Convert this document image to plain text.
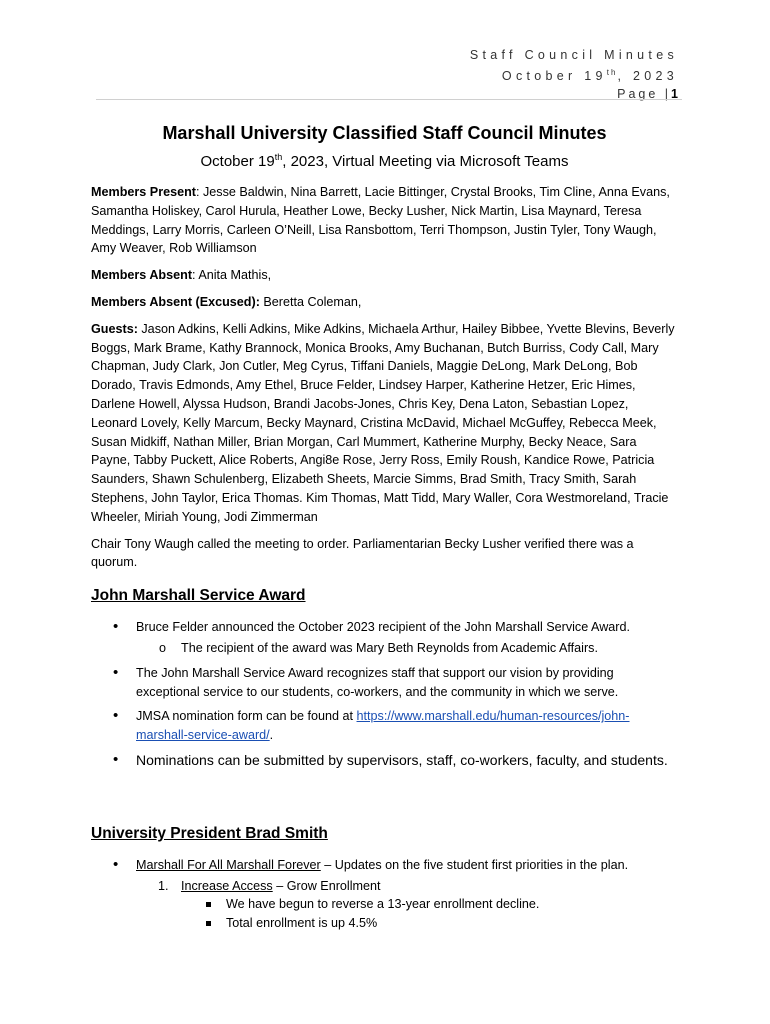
Staff Council Minutes
October 19th, 2023
Page |1
Marshall University Classified Staff Council Minutes
October 19th, 2023, Virtual Meeting via Microsoft Teams

Members Present: Jesse Baldwin, Nina Barrett, Lacie Bittinger, Crystal Brooks, Tim Cline, Anna Evans, Samantha Holiskey, Carol Hurula, Heather Lowe, Becky Lusher, Nick Martin, Lisa Maynard, Teresa Meddings, Larry Morris, Carleen O’Neill, Lisa Ransbottom, Terri Thompson, Justin Tyler, Tony Waugh, Amy Weaver, Rob Williamson

Members Absent: Anita Mathis,

Members Absent (Excused): Beretta Coleman,

Guests: Jason Adkins, Kelli Adkins, Mike Adkins, Michaela Arthur, Hailey Bibbee, Yvette Blevins, Beverly Boggs, Mark Brame, Kathy Brannock, Monica Brooks, Amy Buchanan, Butch Burriss, Cody Call, Mary Chapman, Judy Clark, Jon Cutler, Meg Cyrus, Tiffani Daniels, Maggie DeLong, Mark DeLong, Bob Dorado, Travis Edmonds, Amy Ethel, Bruce Felder, Lindsey Harper, Katherine Hetzer, Eric Himes, Darlene Howell, Alyssa Hudson, Brandi Jacobs-Jones, Chris Key, Dena Laton, Sebastian Lopez, Leonard Lovely, Kelly Marcum, Becky Maynard, Cristina McDavid, Michael McGuffey, Rebecca Meek, Susan Midkiff, Nathan Miller, Brian Morgan, Carl Mummert, Katherine Murphy, Becky Neace, Sara Payne, Tabby Puckett, Alice Roberts, Angi8e Rose, Jerry Ross, Emily Roush, Kandice Rowe, Patricia Saunders, Shawn Schulenberg, Elizabeth Sheets, Marcie Simms, Brad Smith, Tracy Smith, Sarah Stephens, John Taylor, Erica Thomas. Kim Thomas, Matt Tidd, Mary Waller, Cora Westmoreland, Tracie Wheeler, Miriah Young, Jodi Zimmerman

Chair Tony Waugh called the meeting to order. Parliamentarian Becky Lusher verified there was a quorum.

John Marshall Service Award
• Bruce Felder announced the October 2023 recipient of the John Marshall Service Award.
o The recipient of the award was Mary Beth Reynolds from Academic Affairs.
• The John Marshall Service Award recognizes staff that support our vision by providing exceptional service to our students, co-workers, and the community in which we serve.
• JMSA nomination form can be found at https://www.marshall.edu/human-resources/john-marshall-service-award/.
• Nominations can be submitted by supervisors, staff, co-workers, faculty, and students.
University President Brad Smith
• Marshall For All Marshall Forever – Updates on the five student first priorities in the plan.
1. Increase Access – Grow Enrollment
We have begun to reverse a 13-year enrollment decline.
Total enrollment is up 4.5%
